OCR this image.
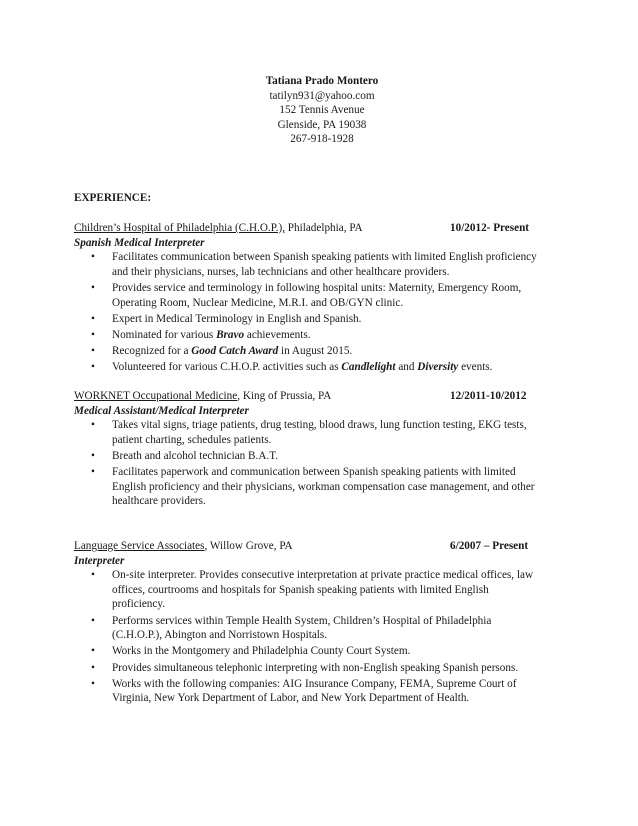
Tatiana Prado Montero
tatilyn931@yahoo.com
152 Tennis Avenue
Glenside, PA 19038
267-918-1928
EXPERIENCE:
Children’s Hospital of Philadelphia (C.H.O.P.), Philadelphia, PA	10/2012- Present
Spanish Medical Interpreter
• Facilitates communication between Spanish speaking patients with limited English proficiency and their physicians, nurses, lab technicians and other healthcare providers.
• Provides service and terminology in following hospital units: Maternity, Emergency Room, Operating Room, Nuclear Medicine, M.R.I. and OB/GYN clinic.
• Expert in Medical Terminology in English and Spanish.
• Nominated for various Bravo achievements.
• Recognized for a Good Catch Award in August 2015.
• Volunteered for various C.H.O.P. activities such as Candlelight and Diversity events.
WORKNET Occupational Medicine, King of Prussia, PA	12/2011-10/2012
Medical Assistant/Medical Interpreter
• Takes vital signs, triage patients, drug testing, blood draws, lung function testing, EKG tests, patient charting, schedules patients.
• Breath and alcohol technician B.A.T.
• Facilitates paperwork and communication between Spanish speaking patients with limited English proficiency and their physicians, workman compensation case management, and other healthcare providers.
Language Service Associates, Willow Grove, PA	6/2007 – Present
Interpreter
• On-site interpreter. Provides consecutive interpretation at private practice medical offices, law offices, courtrooms and hospitals for Spanish speaking patients with limited English proficiency.
• Performs services within Temple Health System, Children’s Hospital of Philadelphia (C.H.O.P.), Abington and Norristown Hospitals.
• Works in the Montgomery and Philadelphia County Court System.
• Provides simultaneous telephonic interpreting with non-English speaking Spanish persons.
• Works with the following companies: AIG Insurance Company, FEMA, Supreme Court of Virginia, New York Department of Labor, and New York Department of Health.
